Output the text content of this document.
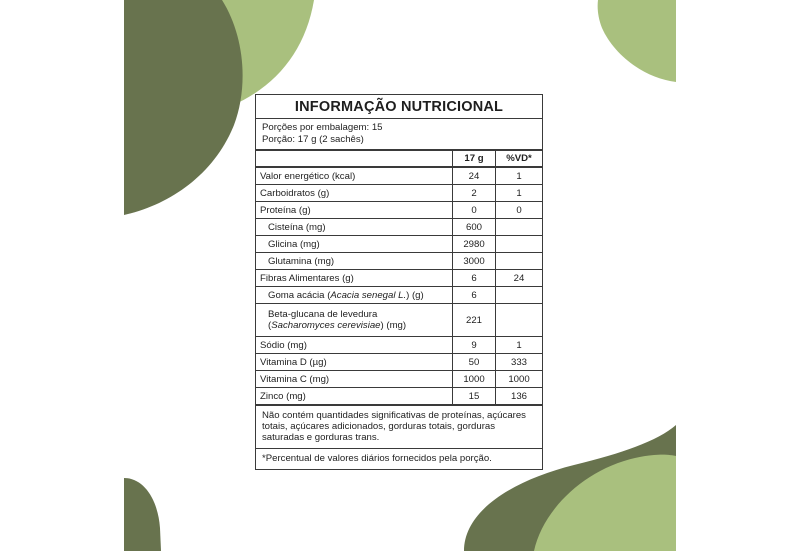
INFORMAÇÃO NUTRICIONAL
Porções por embalagem: 15
Porção: 17 g (2 sachês)
	17 g	%VD*
Valor energético (kcal)	24	1
Carboidratos (g)	2	1
Proteína (g)	0	0
Cisteína (mg)	600	
Glicina (mg)	2980	
Glutamina (mg)	3000	
Fibras Alimentares (g)	6	24
Goma acácia (Acacia senegal L.) (g)	6	

Beta-glucana de levedura
(Sacharomyces cerevisiae) (mg)	221	
Sódio (mg)	9	1
Vitamina D (µg)	50	333
Vitamina C (mg)	1000	1000
Zinco (mg)	15	136
Não contém quantidades significativas de proteínas, açúcares totais, açúcares adicionados, gorduras totais, gorduras saturadas e gorduras trans.
*Percentual de valores diários fornecidos pela porção.
